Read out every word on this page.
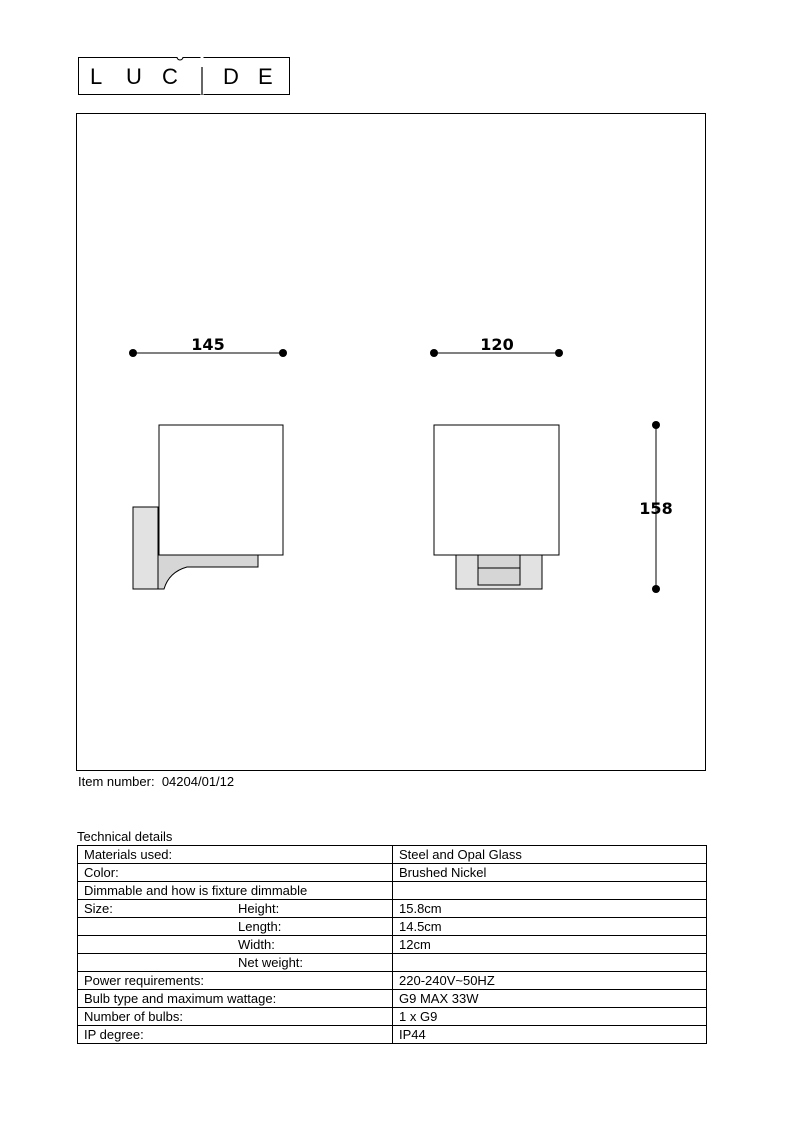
L U C D E
145	120
158
Item number: 04204/01/12
Technical details
Materials used:	Steel and Opal Glass
Color:	Brushed Nickel
Dimmable and how is fixture dimmable	
Size: Height:	15.8cm

Length:	14.5cm

Width:	12cm

Net weight:	

Power requirements:	220-240V~50HZ
Bulb type and maximum wattage:	G9 MAX 33W
Number of bulbs:	1 x G9
IP degree:	IP44
